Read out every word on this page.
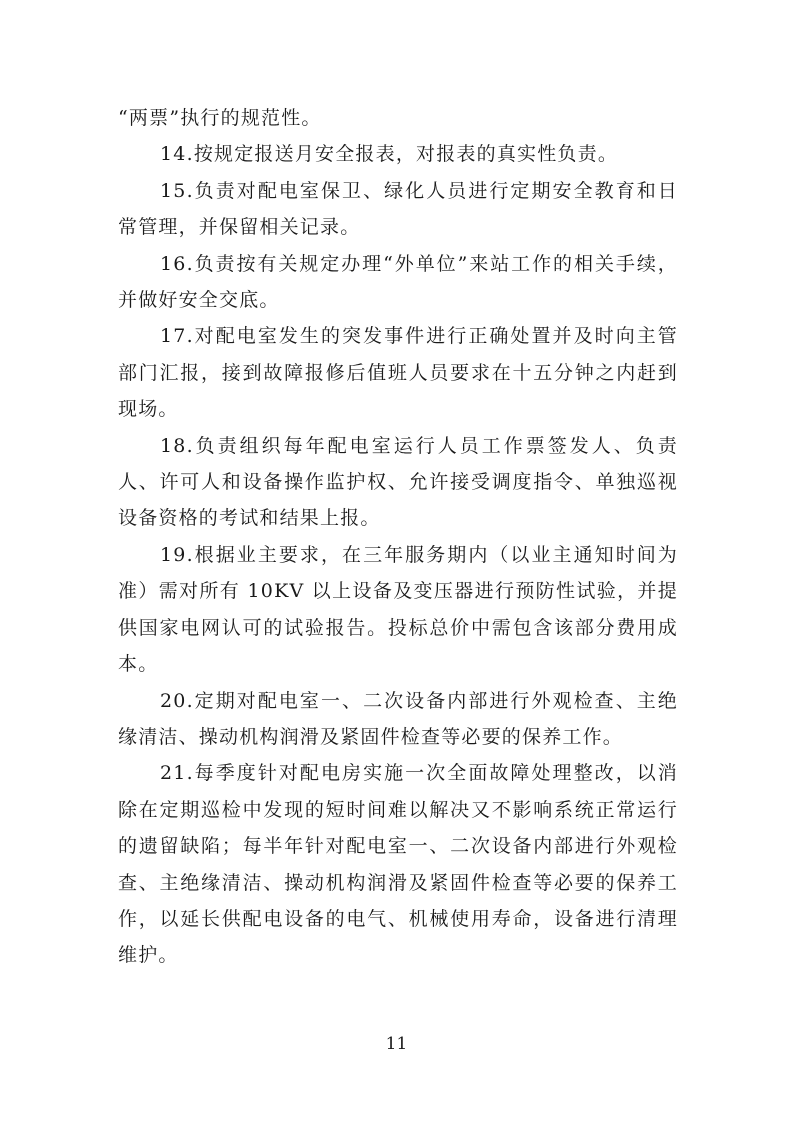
“两票”执行的规范性。

14.按规定报送月安全报表，对报表的真实性负责。

15.负责对配电室保卫、绿化人员进行定期安全教育和日常管理，并保留相关记录。

16.负责按有关规定办理“外单位”来站工作的相关手续，并做好安全交底。

17.对配电室发生的突发事件进行正确处置并及时向主管部门汇报，接到故障报修后值班人员要求在十五分钟之内赶到现场。

18.负责组织每年配电室运行人员工作票签发人、负责人、许可人和设备操作监护权、允许接受调度指令、单独巡视设备资格的考试和结果上报。

19.根据业主要求，在三年服务期内（以业主通知时间为准）需对所有 10KV 以上设备及变压器进行预防性试验，并提供国家电网认可的试验报告。投标总价中需包含该部分费用成本。

20.定期对配电室一、二次设备内部进行外观检查、主绝缘清洁、操动机构润滑及紧固件检查等必要的保养工作。

21.每季度针对配电房实施一次全面故障处理整改，以消除在定期巡检中发现的短时间难以解决又不影响系统正常运行的遗留缺陷；每半年针对配电室一、二次设备内部进行外观检查、主绝缘清洁、操动机构润滑及紧固件检查等必要的保养工作，以延长供配电设备的电气、机械使用寿命，设备进行清理维护。

11
